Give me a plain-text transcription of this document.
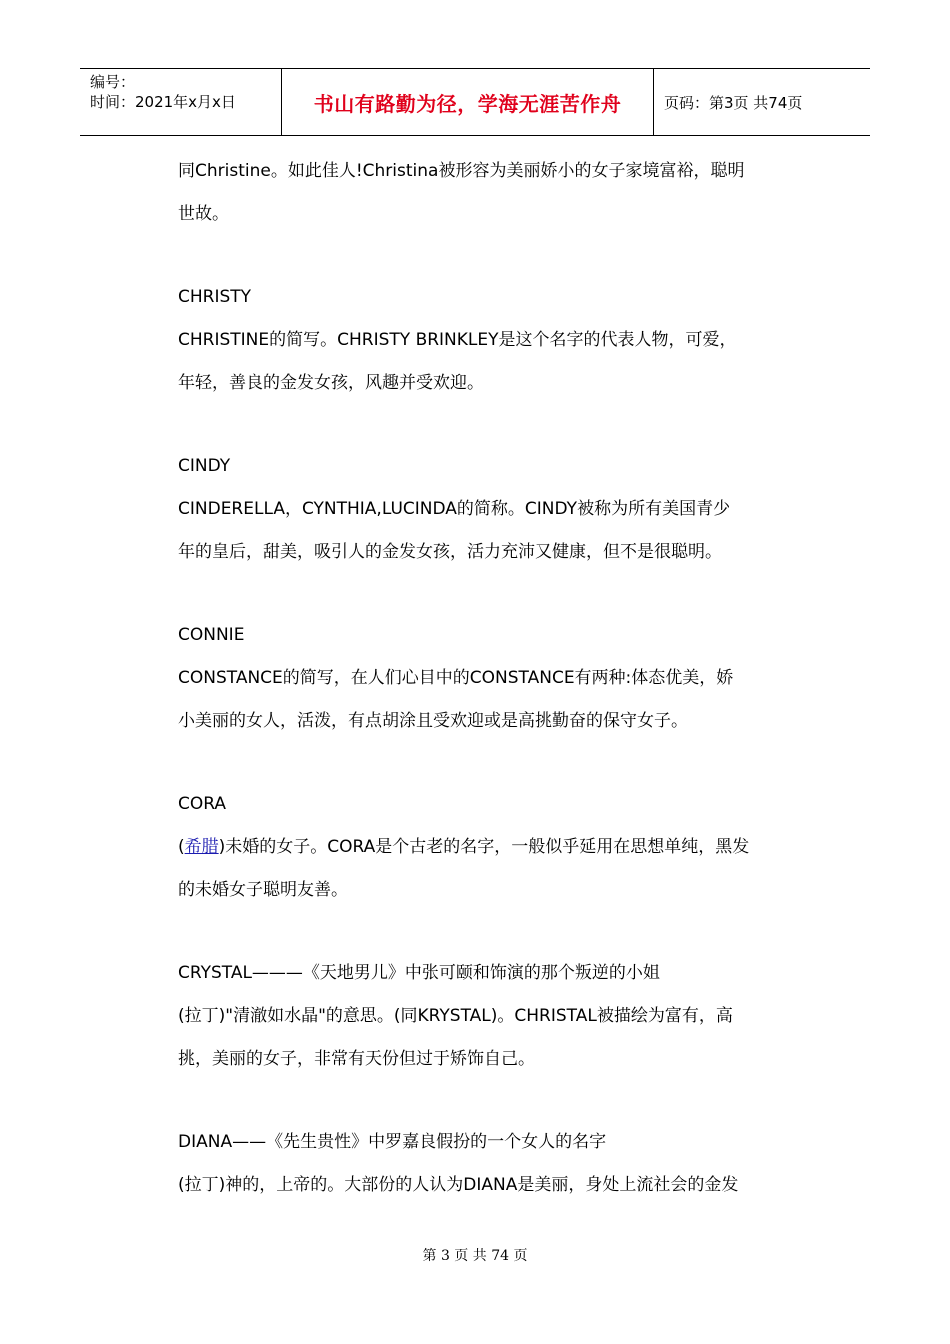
编号：
时间：2021年x月x日	书山有路勤为径，学海无涯苦作舟	页码：第3页 共74页

同Christine。如此佳人!Christina被形容为美丽娇小的女子家境富裕，聪明

世故。

CHRISTY

CHRISTINE的简写。CHRISTY BRINKLEY是这个名字的代表人物，可爱，

年轻，善良的金发女孩，风趣并受欢迎。

CINDY

CINDERELLA，CYNTHIA,LUCINDA的简称。CINDY被称为所有美国青少

年的皇后，甜美，吸引人的金发女孩，活力充沛又健康，但不是很聪明。

CONNIE

CONSTANCE的简写，在人们心目中的CONSTANCE有两种:体态优美，娇

小美丽的女人，活泼，有点胡涂且受欢迎或是高挑勤奋的保守女子。

CORA

(希腊)未婚的女子。CORA是个古老的名字，一般似乎延用在思想单纯，黑发

的未婚女子聪明友善。

CRYSTAL———《天地男儿》中张可颐和饰演的那个叛逆的小姐

(拉丁)"清澈如水晶"的意思。(同KRYSTAL)。CHRISTAL被描绘为富有，高

挑，美丽的女子，非常有天份但过于矫饰自己。

DIANA——《先生贵性》中罗嘉良假扮的一个女人的名字

(拉丁)神的，上帝的。大部份的人认为DIANA是美丽，身处上流社会的金发

第 3 页 共 74 页
